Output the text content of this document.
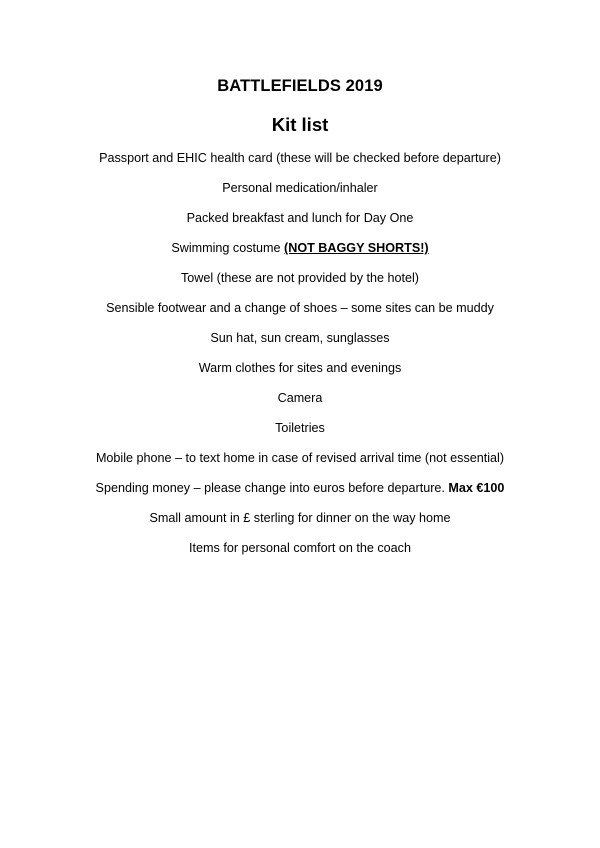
BATTLEFIELDS 2019
Kit list
Passport and EHIC health card (these will be checked before departure)
Personal medication/inhaler
Packed breakfast and lunch for Day One
Swimming costume (NOT BAGGY SHORTS!)
Towel (these are not provided by the hotel)
Sensible footwear and a change of shoes – some sites can be muddy
Sun hat, sun cream, sunglasses
Warm clothes for sites and evenings
Camera
Toiletries
Mobile phone – to text home in case of revised arrival time (not essential)
Spending money – please change into euros before departure. Max €100
Small amount in £ sterling for dinner on the way home
Items for personal comfort on the coach
